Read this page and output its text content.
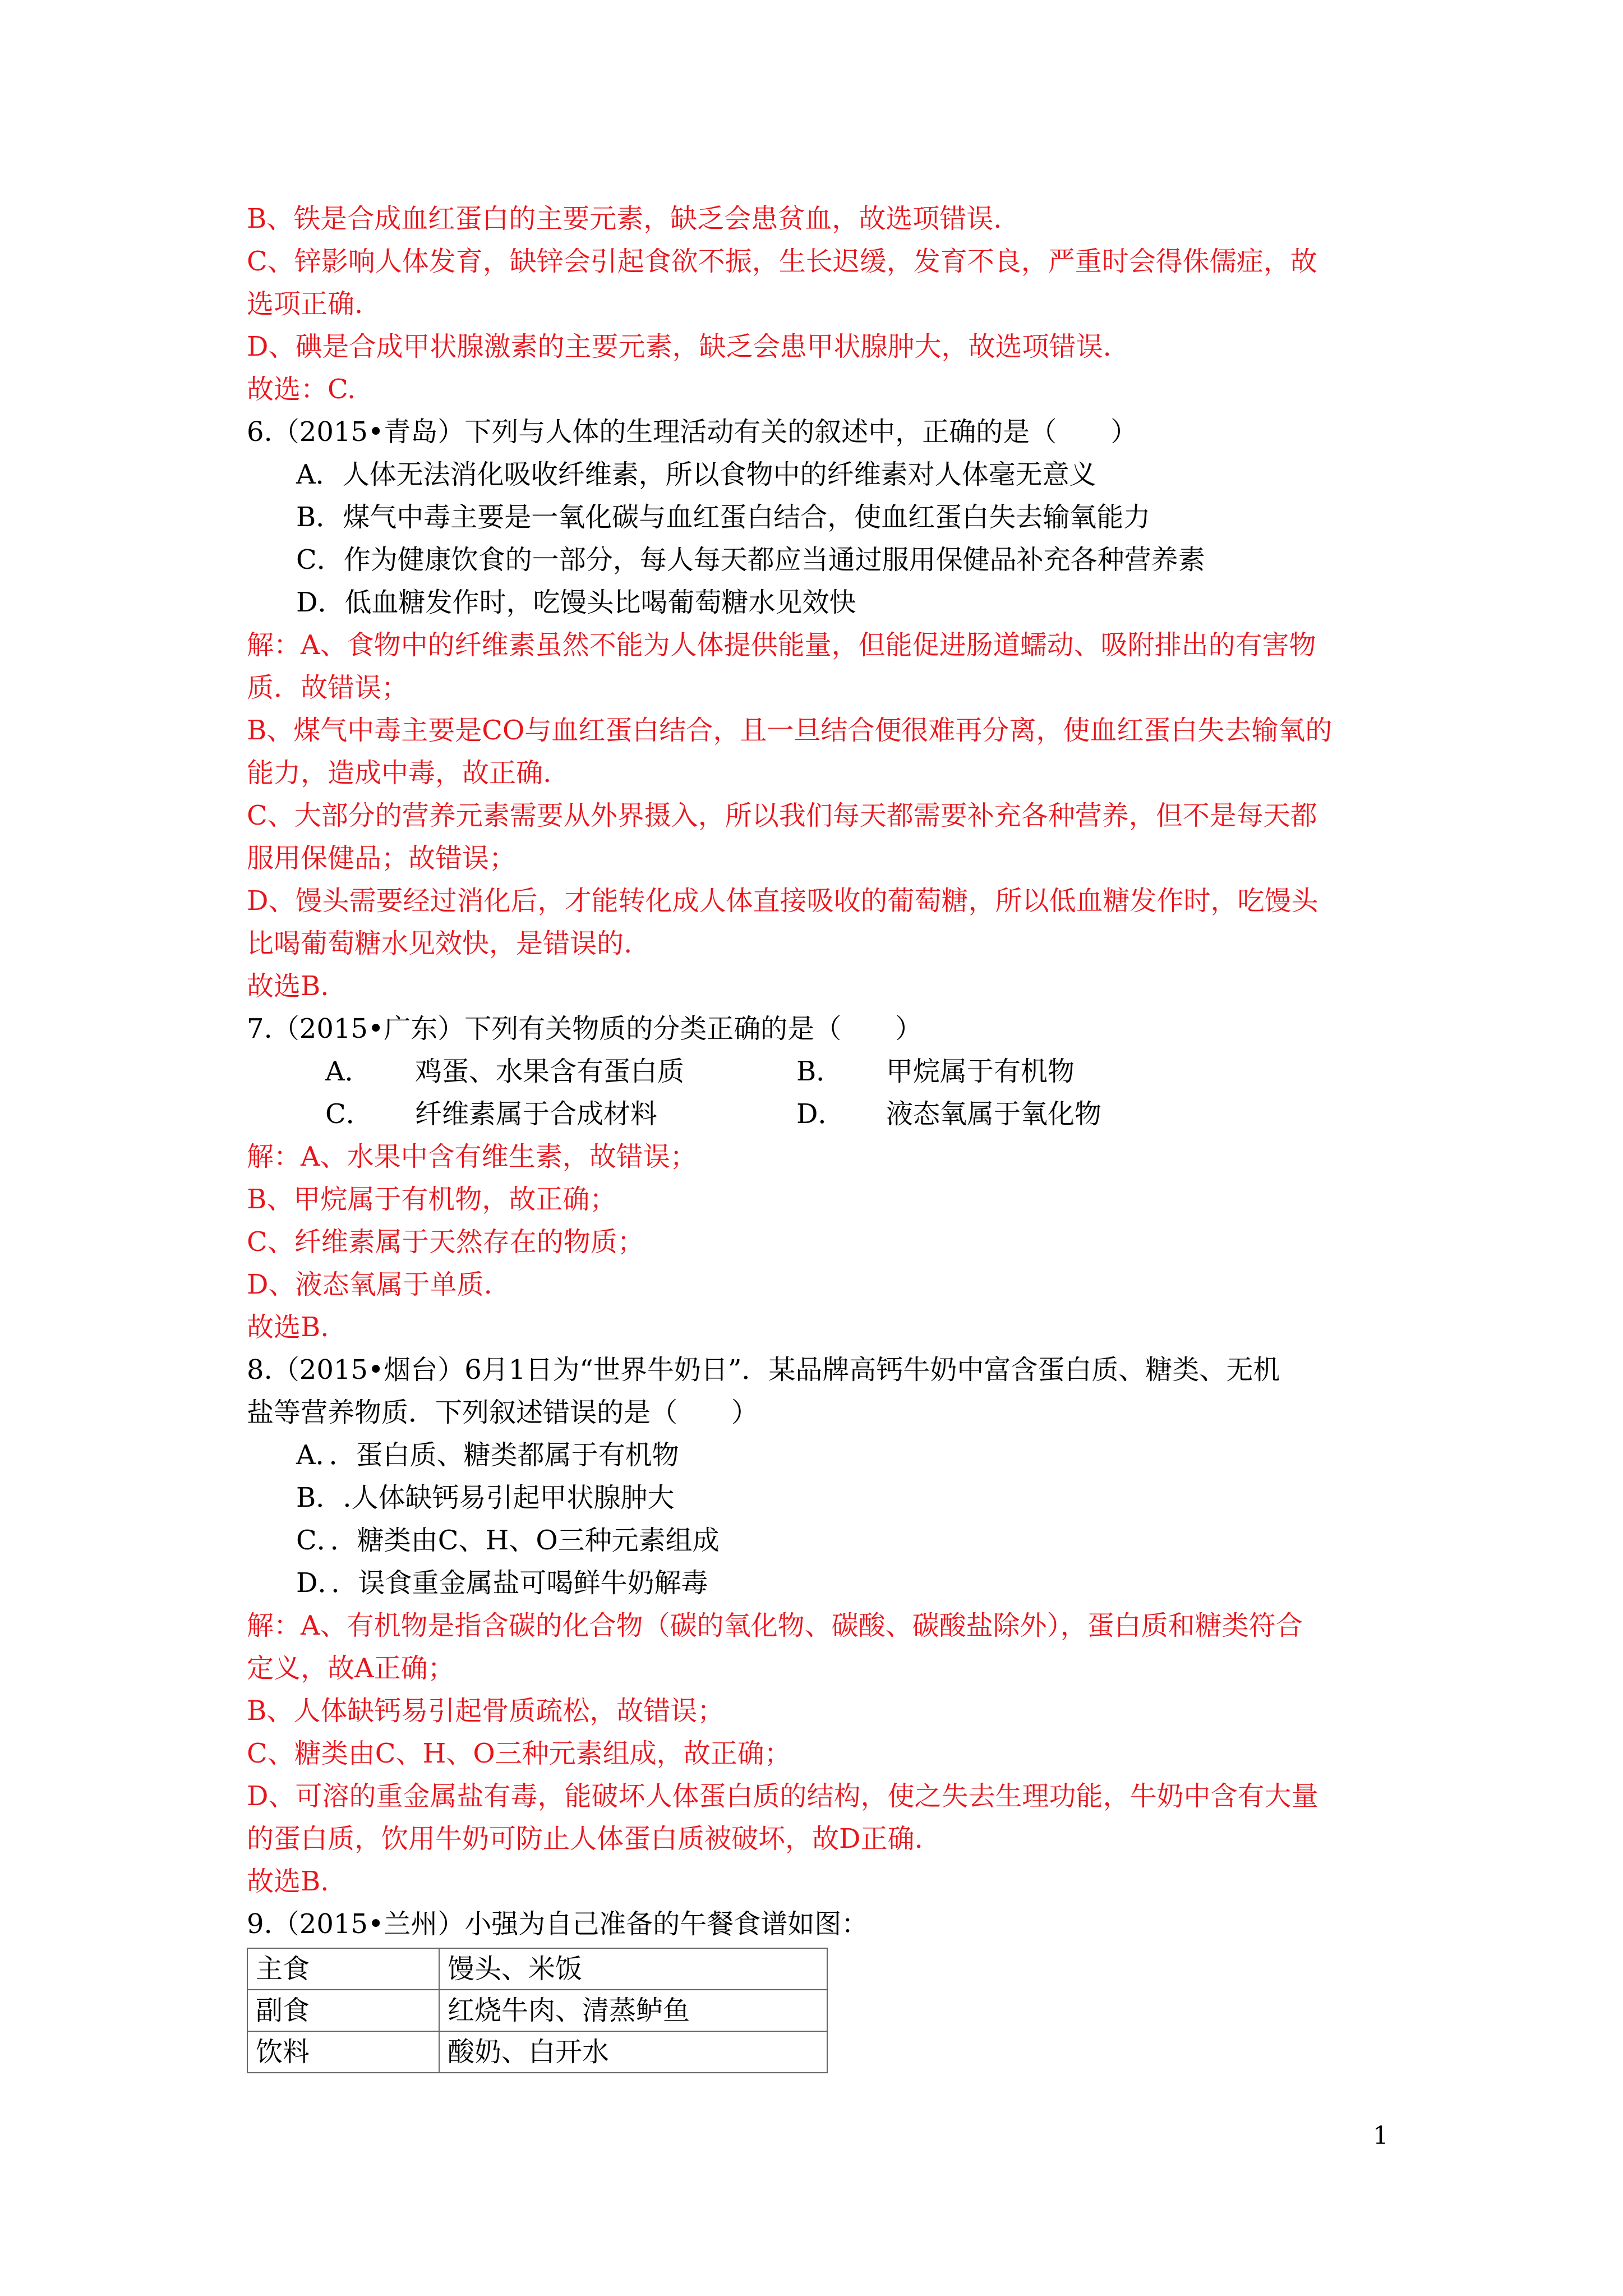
B、铁是合成血红蛋白的主要元素，缺乏会患贫血，故选项错误.
C、锌影响人体发育，缺锌会引起食欲不振，生长迟缓，发育不良，严重时会得侏儒症，故
选项正确.
D、碘是合成甲状腺激素的主要元素，缺乏会患甲状腺肿大，故选项错误.
故选：C.
6.（2015•青岛）下列与人体的生理活动有关的叙述中，正确的是（　　）
A．人体无法消化吸收纤维素，所以食物中的纤维素对人体毫无意义
B．煤气中毒主要是一氧化碳与血红蛋白结合，使血红蛋白失去输氧能力
C．作为健康饮食的一部分，每人每天都应当通过服用保健品补充各种营养素
D．低血糖发作时，吃馒头比喝葡萄糖水见效快
解：A、食物中的纤维素虽然不能为人体提供能量，但能促进肠道蠕动、吸附排出的有害物
质．故错误；
B、煤气中毒主要是CO与血红蛋白结合，且一旦结合便很难再分离，使血红蛋白失去输氧的
能力，造成中毒，故正确.
C、大部分的营养元素需要从外界摄入，所以我们每天都需要补充各种营养，但不是每天都
服用保健品；故错误；
D、馒头需要经过消化后，才能转化成人体直接吸收的葡萄糖，所以低血糖发作时，吃馒头
比喝葡萄糖水见效快，是错误的.
故选B.
7.（2015•广东）下列有关物质的分类正确的是（　　）
A．	鸡蛋、水果含有蛋白质	B．	甲烷属于有机物
C．	纤维素属于合成材料	D．	液态氧属于氧化物
解：A、水果中含有维生素，故错误；
B、甲烷属于有机物，故正确；
C、纤维素属于天然存在的物质；
D、液态氧属于单质.
故选B.
8.（2015•烟台）6月1日为“世界牛奶日”．某品牌高钙牛奶中富含蛋白质、糖类、无机
盐等营养物质．下列叙述错误的是（　　）
A．．蛋白质、糖类都属于有机物
B．.人体缺钙易引起甲状腺肿大
C．．糖类由C、H、O三种元素组成
D．．误食重金属盐可喝鲜牛奶解毒
解：A、有机物是指含碳的化合物（碳的氧化物、碳酸、碳酸盐除外），蛋白质和糖类符合
定义，故A正确；
B、人体缺钙易引起骨质疏松，故错误；
C、糖类由C、H、O三种元素组成，故正确；
D、可溶的重金属盐有毒，能破坏人体蛋白质的结构，使之失去生理功能，牛奶中含有大量
的蛋白质，饮用牛奶可防止人体蛋白质被破坏，故D正确.
故选B.
9.（2015•兰州）小强为自己准备的午餐食谱如图：
主食	馒头、米饭
副食	红烧牛肉、清蒸鲈鱼
饮料	酸奶、白开水
1
